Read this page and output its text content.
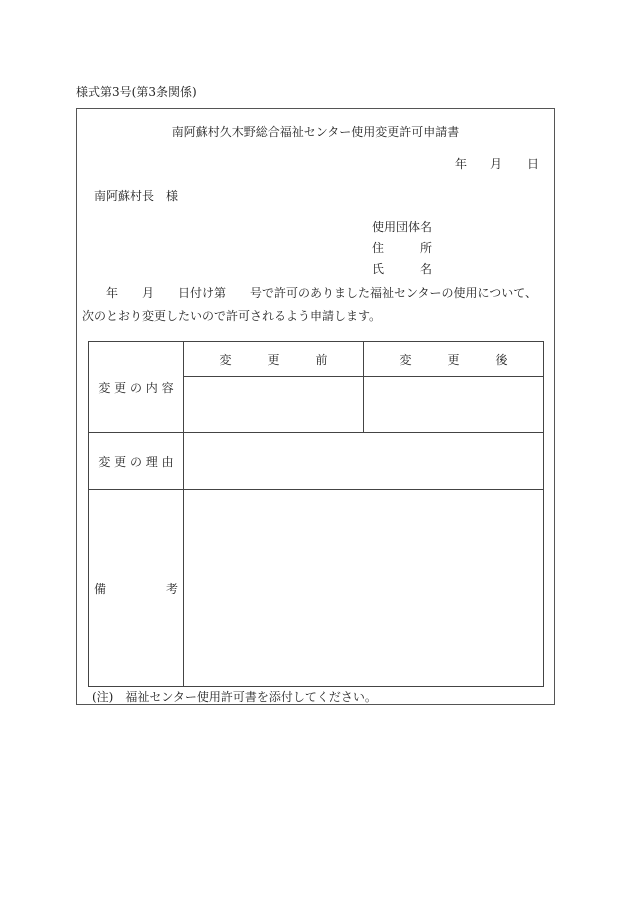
様式第3号(第3条関係)
南阿蘇村久木野総合福祉センター使用変更許可申請書
年 月 日
南阿蘇村長　様
使用団体名
住　　　所
氏　　　名
　　年　　月　　日付け第　　号で許可のありました福祉センターの使用について、
次のとおり変更したいので許可されるよう申請します。
変 更 の 内 容	変　　　更　　　前	変　　　更　　　後

変 更 の 理 由		
備　　　　　考		
(注)　福祉センター使用許可書を添付してください。
